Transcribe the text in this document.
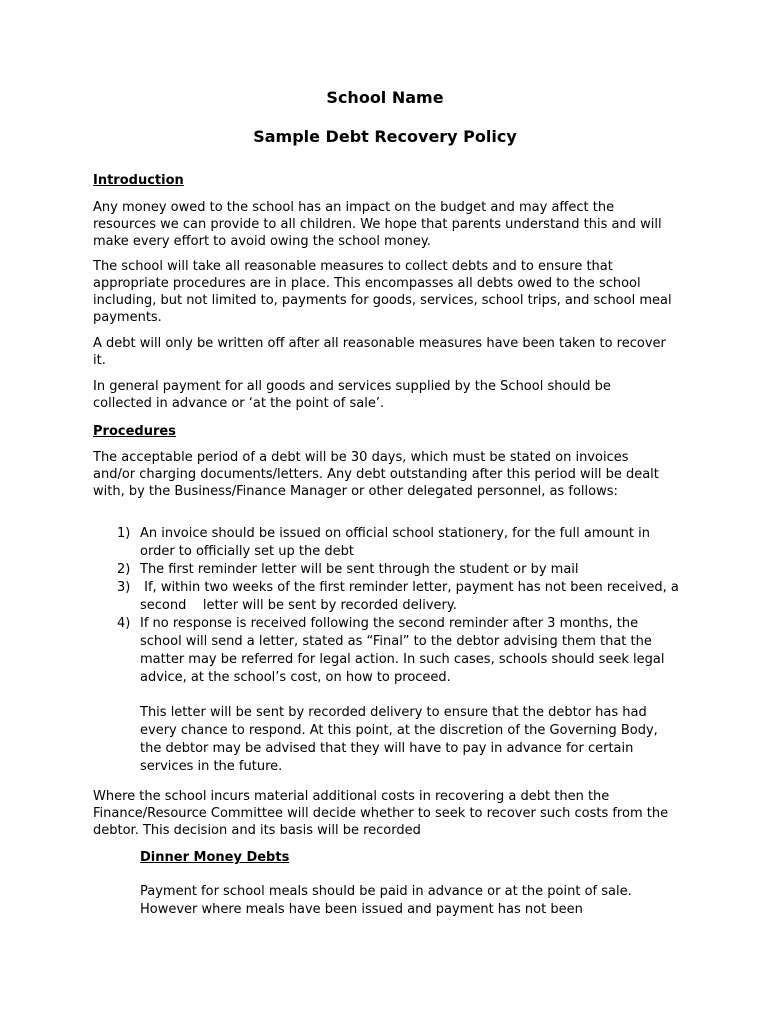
School Name
Sample Debt Recovery Policy
Introduction

Any money owed to the school has an impact on the budget and may affect the resources we can provide to all children. We hope that parents understand this and will make every effort to avoid owing the school money.

The school will take all reasonable measures to collect debts and to ensure that appropriate procedures are in place. This encompasses all debts owed to the school including, but not limited to, payments for goods, services, school trips, and school meal payments.

A debt will only be written off after all reasonable measures have been taken to recover it.

In general payment for all goods and services supplied by the School should be collected in advance or ‘at the point of sale’.

Procedures

The acceptable period of a debt will be 30 days, which must be stated on invoices and/or charging documents/letters. Any debt outstanding after this period will be dealt with, by the Business/Finance Manager or other delegated personnel, as follows:

1) An invoice should be issued on official school stationery, for the full amount in order to officially set up the debt
2) The first reminder letter will be sent through the student or by mail
3) If, within two weeks of the first reminder letter, payment has not been received, a second    letter will be sent by recorded delivery.
4) If no response is received following the second reminder after 3 months, the school will send a letter, stated as “Final” to the debtor advising them that the matter may be referred for legal action. In such cases, schools should seek legal advice, at the school’s cost, on how to proceed.

This letter will be sent by recorded delivery to ensure that the debtor has had every chance to respond. At this point, at the discretion of the Governing Body, the debtor may be advised that they will have to pay in advance for certain services in the future.

Where the school incurs material additional costs in recovering a debt then the Finance/Resource Committee will decide whether to seek to recover such costs from the debtor. This decision and its basis will be recorded

Dinner Money Debts

Payment for school meals should be paid in advance or at the point of sale. However where meals have been issued and payment has not been
